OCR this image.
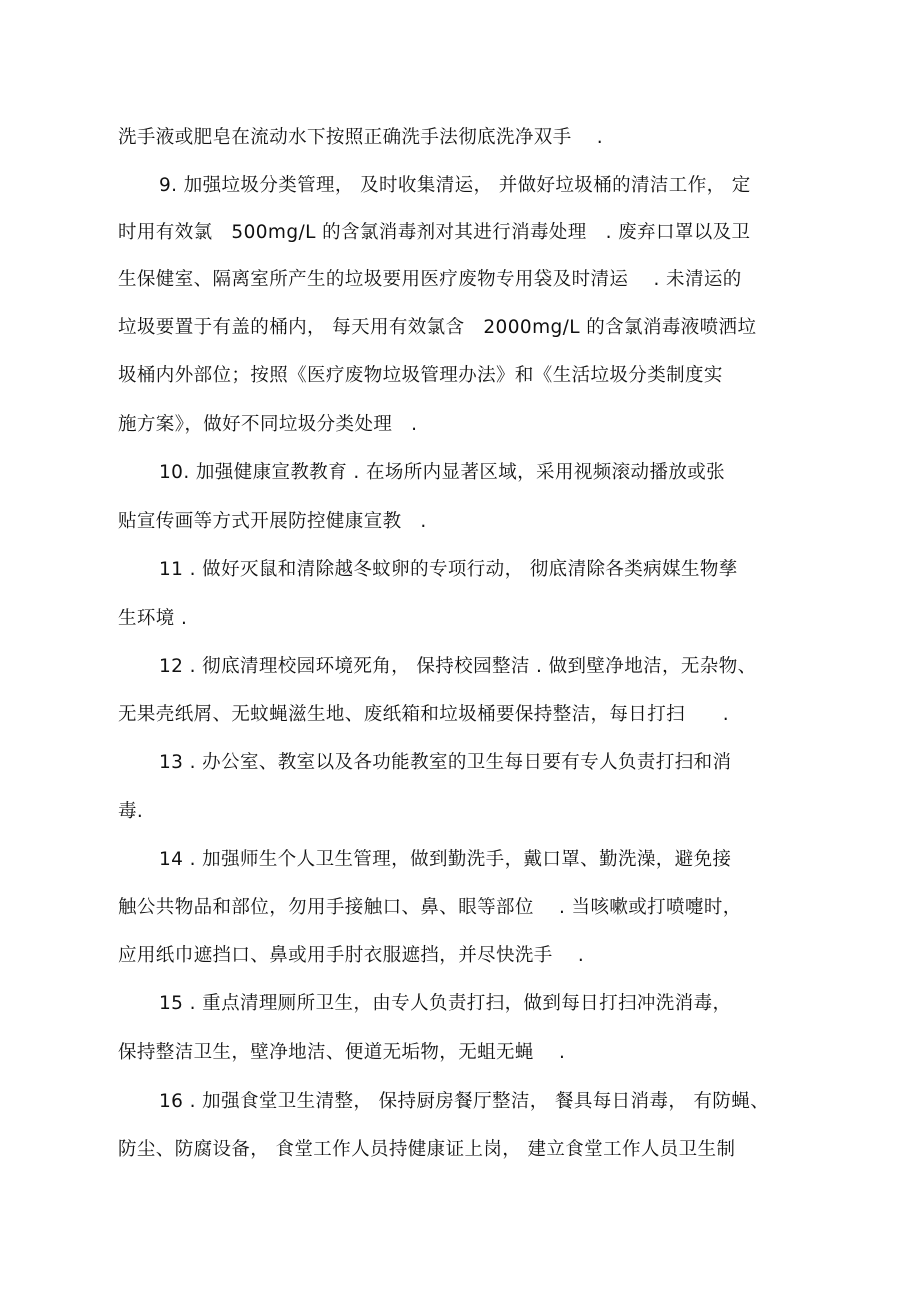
洗手液或肥皂在流动水下按照正确洗手法彻底洗净双手　 .
9. 加强垃圾分类管理， 及时收集清运， 并做好垃圾桶的清洁工作， 定
时用有效氯　500mg/L 的含氯消毒剂对其进行消毒处理　. 废弃口罩以及卫
生保健室、隔离室所产生的垃圾要用医疗废物专用袋及时清运　 . 未清运的
垃圾要置于有盖的桶内， 每天用有效氯含　2000mg/L 的含氯消毒液喷洒垃
圾桶内外部位；按照《医疗废物垃圾管理办法》和《生活垃圾分类制度实
施方案》，做好不同垃圾分类处理　.
10. 加强健康宣教教育 . 在场所内显著区域，采用视频滚动播放或张
贴宣传画等方式开展防控健康宣教　.
11 . 做好灭鼠和清除越冬蚊卵的专项行动， 彻底清除各类病媒生物孳
生环境 .
12 . 彻底清理校园环境死角， 保持校园整洁 . 做到壁净地洁，无杂物、
无果壳纸屑、无蚊蝇滋生地、废纸箱和垃圾桶要保持整洁，每日打扫　　.
13 . 办公室、教室以及各功能教室的卫生每日要有专人负责打扫和消
毒.
14 . 加强师生个人卫生管理，做到勤洗手，戴口罩、勤洗澡，避免接
触公共物品和部位，勿用手接触口、鼻、眼等部位　 . 当咳嗽或打喷嚏时，
应用纸巾遮挡口、鼻或用手肘衣服遮挡，并尽快洗手　 .
15 . 重点清理厕所卫生，由专人负责打扫，做到每日打扫冲洗消毒，
保持整洁卫生，壁净地洁、便道无垢物，无蛆无蝇　 .
16 . 加强食堂卫生清整， 保持厨房餐厅整洁， 餐具每日消毒， 有防蝇、
防尘、防腐设备， 食堂工作人员持健康证上岗， 建立食堂工作人员卫生制
